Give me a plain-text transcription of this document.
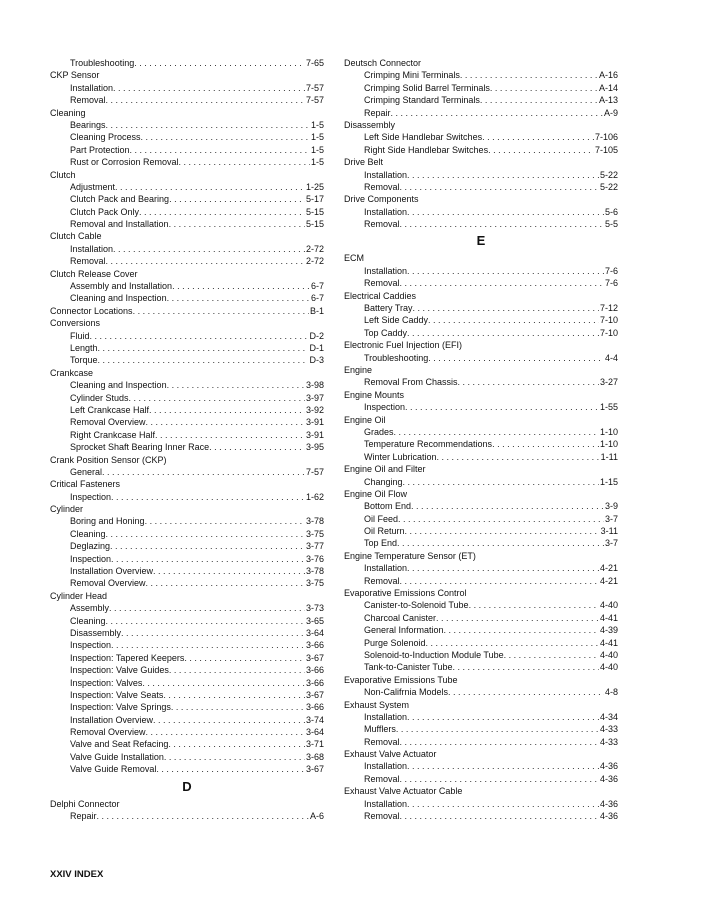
Troubleshooting . . .	7-65
CKP Sensor
Installation . . .	7-57
Removal . . .	7-57
Cleaning
Bearings . . .	1-5
Cleaning Process . . .	1-5
Part Protection . . .	1-5
Rust or Corrosion Removal . . .	1-5
Clutch
Adjustment . . .	1-25
Clutch Pack and Bearing . . .	5-17
Clutch Pack Only . . .	5-15
Removal and Installation . . .	5-15
Clutch Cable
Installation . . .	2-72
Removal . . .	2-72
Clutch Release Cover
Assembly and Installation . . .	6-7
Cleaning and Inspection . . .	6-7
Connector Locations . . .	B-1
Conversions
Fluid . . .	D-2
Length . . .	D-1
Torque . . .	D-3
Crankcase
Cleaning and Inspection . . .	3-98
Cylinder Studs . . .	3-97
Left Crankcase Half . . .	3-92
Removal Overview . . .	3-91
Right Crankcase Half . . .	3-91
Sprocket Shaft Bearing Inner Race . . .	3-95
Crank Position Sensor (CKP)
General . . .	7-57
Critical Fasteners
Inspection . . .	1-62
Cylinder
Boring and Honing . . .	3-78
Cleaning . . .	3-75
Deglazing . . .	3-77
Inspection . . .	3-76
Installation Overview . . .	3-78
Removal Overview . . .	3-75
Cylinder Head
Assembly . . .	3-73
Cleaning . . .	3-65
Disassembly . . .	3-64
Inspection . . .	3-66
Inspection: Tapered Keepers . . .	3-67
Inspection: Valve Guides . . .	3-66
Inspection: Valves . . .	3-66
Inspection: Valve Seats . . .	3-67
Inspection: Valve Springs . . .	3-66
Installation Overview . . .	3-74
Removal Overview . . .	3-64
Valve and Seat Refacing . . .	3-71
Valve Guide Installation . . .	3-68
Valve Guide Removal . . .	3-67
D
Delphi Connector
Repair . . .	A-6
Deutsch Connector
Crimping Mini Terminals . . .	A-16
Crimping Solid Barrel Terminals . . .	A-14
Crimping Standard Terminals . . .	A-13
Repair . . .	A-9
Disassembly
Left Side Handlebar Switches . . .	7-106
Right Side Handlebar Switches . . .	7-105
Drive Belt
Installation . . .	5-22
Removal . . .	5-22
Drive Components
Installation . . .	5-6
Removal . . .	5-5
E
ECM
Installation . . .	7-6
Removal . . .	7-6
Electrical Caddies
Battery Tray . . .	7-12
Left Side Caddy . . .	7-10
Top Caddy . . .	7-10
Electronic Fuel Injection (EFI)
Troubleshooting . . .	4-4
Engine
Removal From Chassis . . .	3-27
Engine Mounts
Inspection . . .	1-55
Engine Oil
Grades . . .	1-10
Temperature Recommendations . . .	1-10
Winter Lubrication . . .	1-11
Engine Oil and Filter
Changing . . .	1-15
Engine Oil Flow
Bottom End . . .	3-9
Oil Feed . . .	3-7
Oil Return . . .	3-11
Top End . . .	3-7
Engine Temperature Sensor (ET)
Installation . . .	4-21
Removal . . .	4-21
Evaporative Emissions Control
Canister-to-Solenoid Tube . . .	4-40
Charcoal Canister . . .	4-41
General Information . . .	4-39
Purge Solenoid . . .	4-41
Solenoid-to-Induction Module Tube . . .	4-40
Tank-to-Canister Tube . . .	4-40
Evaporative Emissions Tube
Non-Califrnia Models . . .	4-8
Exhaust System
Installation . . .	4-34
Mufflers . . .	4-33
Removal . . .	4-33
Exhaust Valve Actuator
Installation . . .	4-36
Removal . . .	4-36
Exhaust Valve Actuator Cable
Installation . . .	4-36
Removal . . .	4-36
XXIV INDEX
